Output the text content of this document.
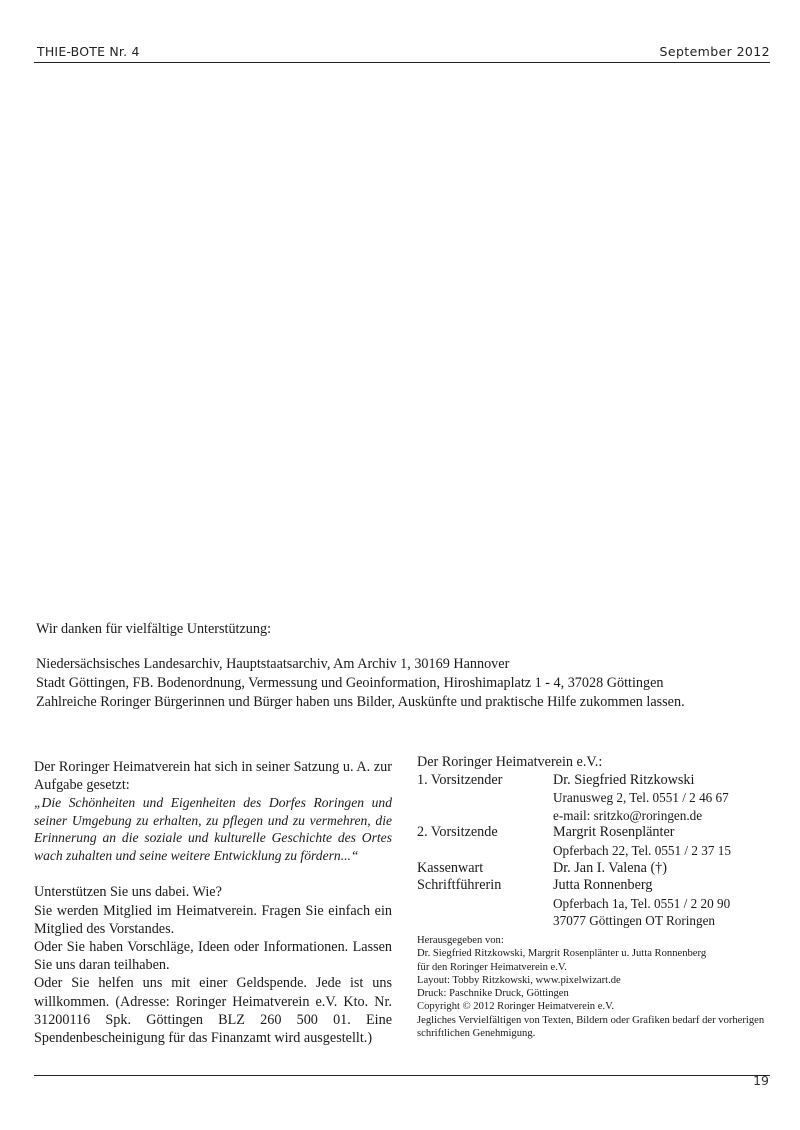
THIE-BOTE Nr. 4	September 2012

Wir danken für vielfältige Unterstützung:

Niedersächsisches Landesarchiv, Hauptstaatsarchiv, Am Archiv 1, 30169 Hannover

Stadt Göttingen, FB. Bodenordnung, Vermessung und Geoinformation, Hiroshimaplatz 1 - 4, 37028 Göttingen

Zahlreiche Roringer Bürgerinnen und Bürger haben uns Bilder, Auskünfte und praktische Hilfe zukommen lassen.

Der Roringer Heimatverein hat sich in seiner Satzung u. A. zur Aufgabe gesetzt:

„Die Schönheiten und Eigenheiten des Dorfes Roringen und seiner Umgebung zu erhalten, zu pflegen und zu vermehren, die Erinnerung an die soziale und kulturelle Geschichte des Ortes wach zuhalten und seine weitere Entwicklung zu fördern...“

Unterstützen Sie uns dabei. Wie?

Sie werden Mitglied im Heimatverein. Fragen Sie einfach ein Mitglied des Vorstandes.

Oder Sie haben Vorschläge, Ideen oder Informationen. Lassen Sie uns daran teilhaben.

Oder Sie helfen uns mit einer Geldspende. Jede ist uns willkommen. (Adresse: Roringer Heimatverein e.V. Kto. Nr. 31200116 Spk. Göttingen BLZ 260 500 01. Eine Spendenbescheinigung für das Finanzamt wird ausgestellt.)

Der Roringer Heimatverein e.V.:

1. Vorsitzender	Dr. Siegfried Ritzkowski
Uranusweg 2, Tel. 0551 / 2 46 67
e-mail: sritzko@roringen.de
2. Vorsitzende	Margrit Rosenplänter
Opferbach 22, Tel. 0551 / 2 37 15
Kassenwart	Dr. Jan I. Valena (†)
Schriftführerin	Jutta Ronnenberg
Opferbach 1a, Tel. 0551 / 2 20 90
37077 Göttingen OT Roringen

Herausgegeben von:

Dr. Siegfried Ritzkowski, Margrit Rosenplänter u. Jutta Ronnenberg

für den Roringer Heimatverein e.V.

Layout: Tobby Ritzkowski, www.pixelwizart.de

Druck: Paschnike Druck, Göttingen

Copyright © 2012 Roringer Heimatverein e.V.

Jegliches Vervielfältigen von Texten, Bildern oder Grafiken bedarf der vorherigen schriftlichen Genehmigung.

19
